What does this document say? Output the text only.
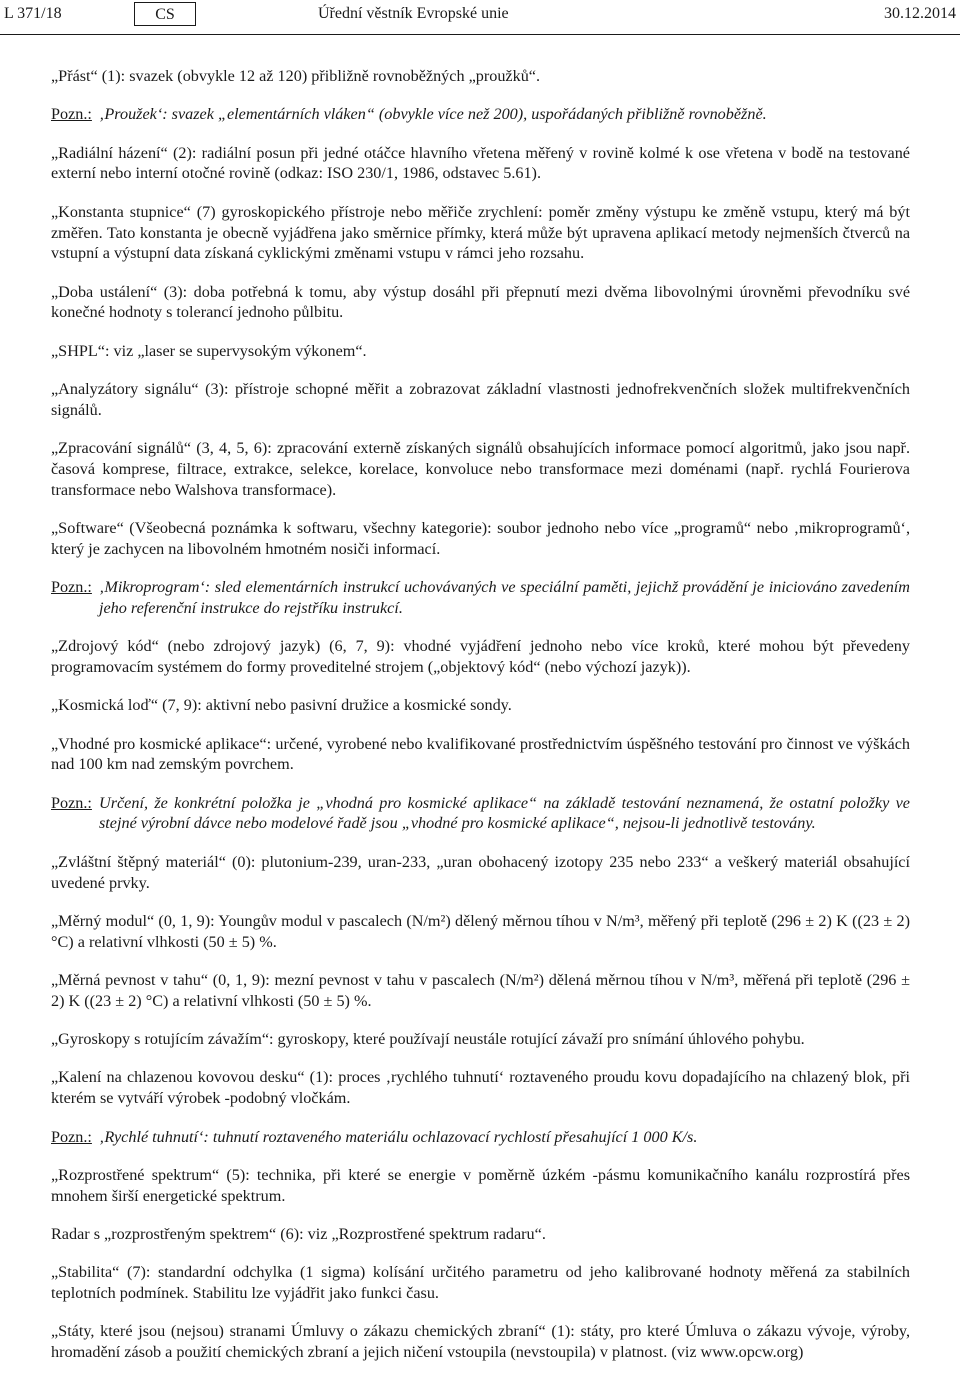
L 371/18	CS	Úřední věstník Evropské unie	30.12.2014

„Přást“ (1): svazek (obvykle 12 až 120) přibližně rovnoběžných „proužků“.

Pozn.: ‚Proužek‘: svazek „elementárních vláken“ (obvykle více než 200), uspořádaných přibližně rovnoběžně.

„Radiální házení“ (2): radiální posun při jedné otáčce hlavního vřetena měřený v rovině kolmé k ose vřetena v bodě na testované externí nebo interní otočné rovině (odkaz: ISO 230/1, 1986, odstavec 5.61).

„Konstanta stupnice“ (7) gyroskopického přístroje nebo měřiče zrychlení: poměr změny výstupu ke změně vstupu, který má být změřen. Tato konstanta je obecně vyjádřena jako směrnice přímky, která může být upravena aplikací metody nejmenších čtverců na vstupní a výstupní data získaná cyklickými změnami vstupu v rámci jeho rozsahu.

„Doba ustálení“ (3): doba potřebná k tomu, aby výstup dosáhl při přepnutí mezi dvěma libovolnými úrovněmi převodníku své konečné hodnoty s tolerancí jednoho půlbitu.

„SHPL“: viz „laser se supervysokým výkonem“.

„Analyzátory signálu“ (3): přístroje schopné měřit a zobrazovat základní vlastnosti jednofrekvenčních složek multifrekvenčních signálů.

„Zpracování signálů“ (3, 4, 5, 6): zpracování externě získaných signálů obsahujících informace pomocí algoritmů, jako jsou např. časová komprese, filtrace, extrakce, selekce, korelace, konvoluce nebo transformace mezi doménami (např. rychlá Fourierova transformace nebo Walshova transformace).

„Software“ (Všeobecná poznámka k softwaru, všechny kategorie): soubor jednoho nebo více „programů“ nebo ‚mikroprogramů‘, který je zachycen na libovolném hmotném nosiči informací.

Pozn.: ‚Mikroprogram‘: sled elementárních instrukcí uchovávaných ve speciální paměti, jejichž provádění je iniciováno zavedením jeho referenční instrukce do rejstříku instrukcí.

„Zdrojový kód“ (nebo zdrojový jazyk) (6, 7, 9): vhodné vyjádření jednoho nebo více kroků, které mohou být převedeny programovacím systémem do formy proveditelné strojem („objektový kód“ (nebo výchozí jazyk)).

„Kosmická loď“ (7, 9): aktivní nebo pasivní družice a kosmické sondy.

„Vhodné pro kosmické aplikace“: určené, vyrobené nebo kvalifikované prostřednictvím úspěšného testování pro činnost ve výškách nad 100 km nad zemským povrchem.

Pozn.: Určení, že konkrétní položka je „vhodná pro kosmické aplikace“ na základě testování neznamená, že ostatní položky ve stejné výrobní dávce nebo modelové řadě jsou „vhodné pro kosmické aplikace“, nejsou-li jednotlivě testovány.

„Zvláštní štěpný materiál“ (0): plutonium-239, uran-233, „uran obohacený izotopy 235 nebo 233“ a veškerý materiál obsahující uvedené prvky.

„Měrný modul“ (0, 1, 9): Youngův modul v pascalech (N/m²) dělený měrnou tíhou v N/m³, měřený při teplotě (296 ± 2) K ((23 ± 2) °C) a relativní vlhkosti (50 ± 5) %.

„Měrná pevnost v tahu“ (0, 1, 9): mezní pevnost v tahu v pascalech (N/m²) dělená měrnou tíhou v N/m³, měřená při teplotě (296 ± 2) K ((23 ± 2) °C) a relativní vlhkosti (50 ± 5) %.

„Gyroskopy s rotujícím závažím“: gyroskopy, které používají neustále rotující závaží pro snímání úhlového pohybu.

„Kalení na chlazenou kovovou desku“ (1): proces ‚rychlého tuhnutí‘ roztaveného proudu kovu dopadajícího na chlazený blok, při kterém se vytváří výrobek -podobný vločkám.

Pozn.: ‚Rychlé tuhnutí‘: tuhnutí roztaveného materiálu ochlazovací rychlostí přesahující 1 000 K/s.

„Rozprostřené spektrum“ (5): technika, při které se energie v poměrně úzkém -pásmu komunikačního kanálu rozprostírá přes mnohem širší energetické spektrum.

Radar s „rozprostřeným spektrem“ (6): viz „Rozprostřené spektrum radaru“.

„Stabilita“ (7): standardní odchylka (1 sigma) kolísání určitého parametru od jeho kalibrované hodnoty měřená za stabilních teplotních podmínek. Stabilitu lze vyjádřit jako funkci času.

„Státy, které jsou (nejsou) stranami Úmluvy o zákazu chemických zbraní“ (1): státy, pro které Úmluva o zákazu vývoje, výroby, hromadění zásob a použití chemických zbraní a jejich ničení vstoupila (nevstoupila) v platnost. (viz www.opcw.org)
